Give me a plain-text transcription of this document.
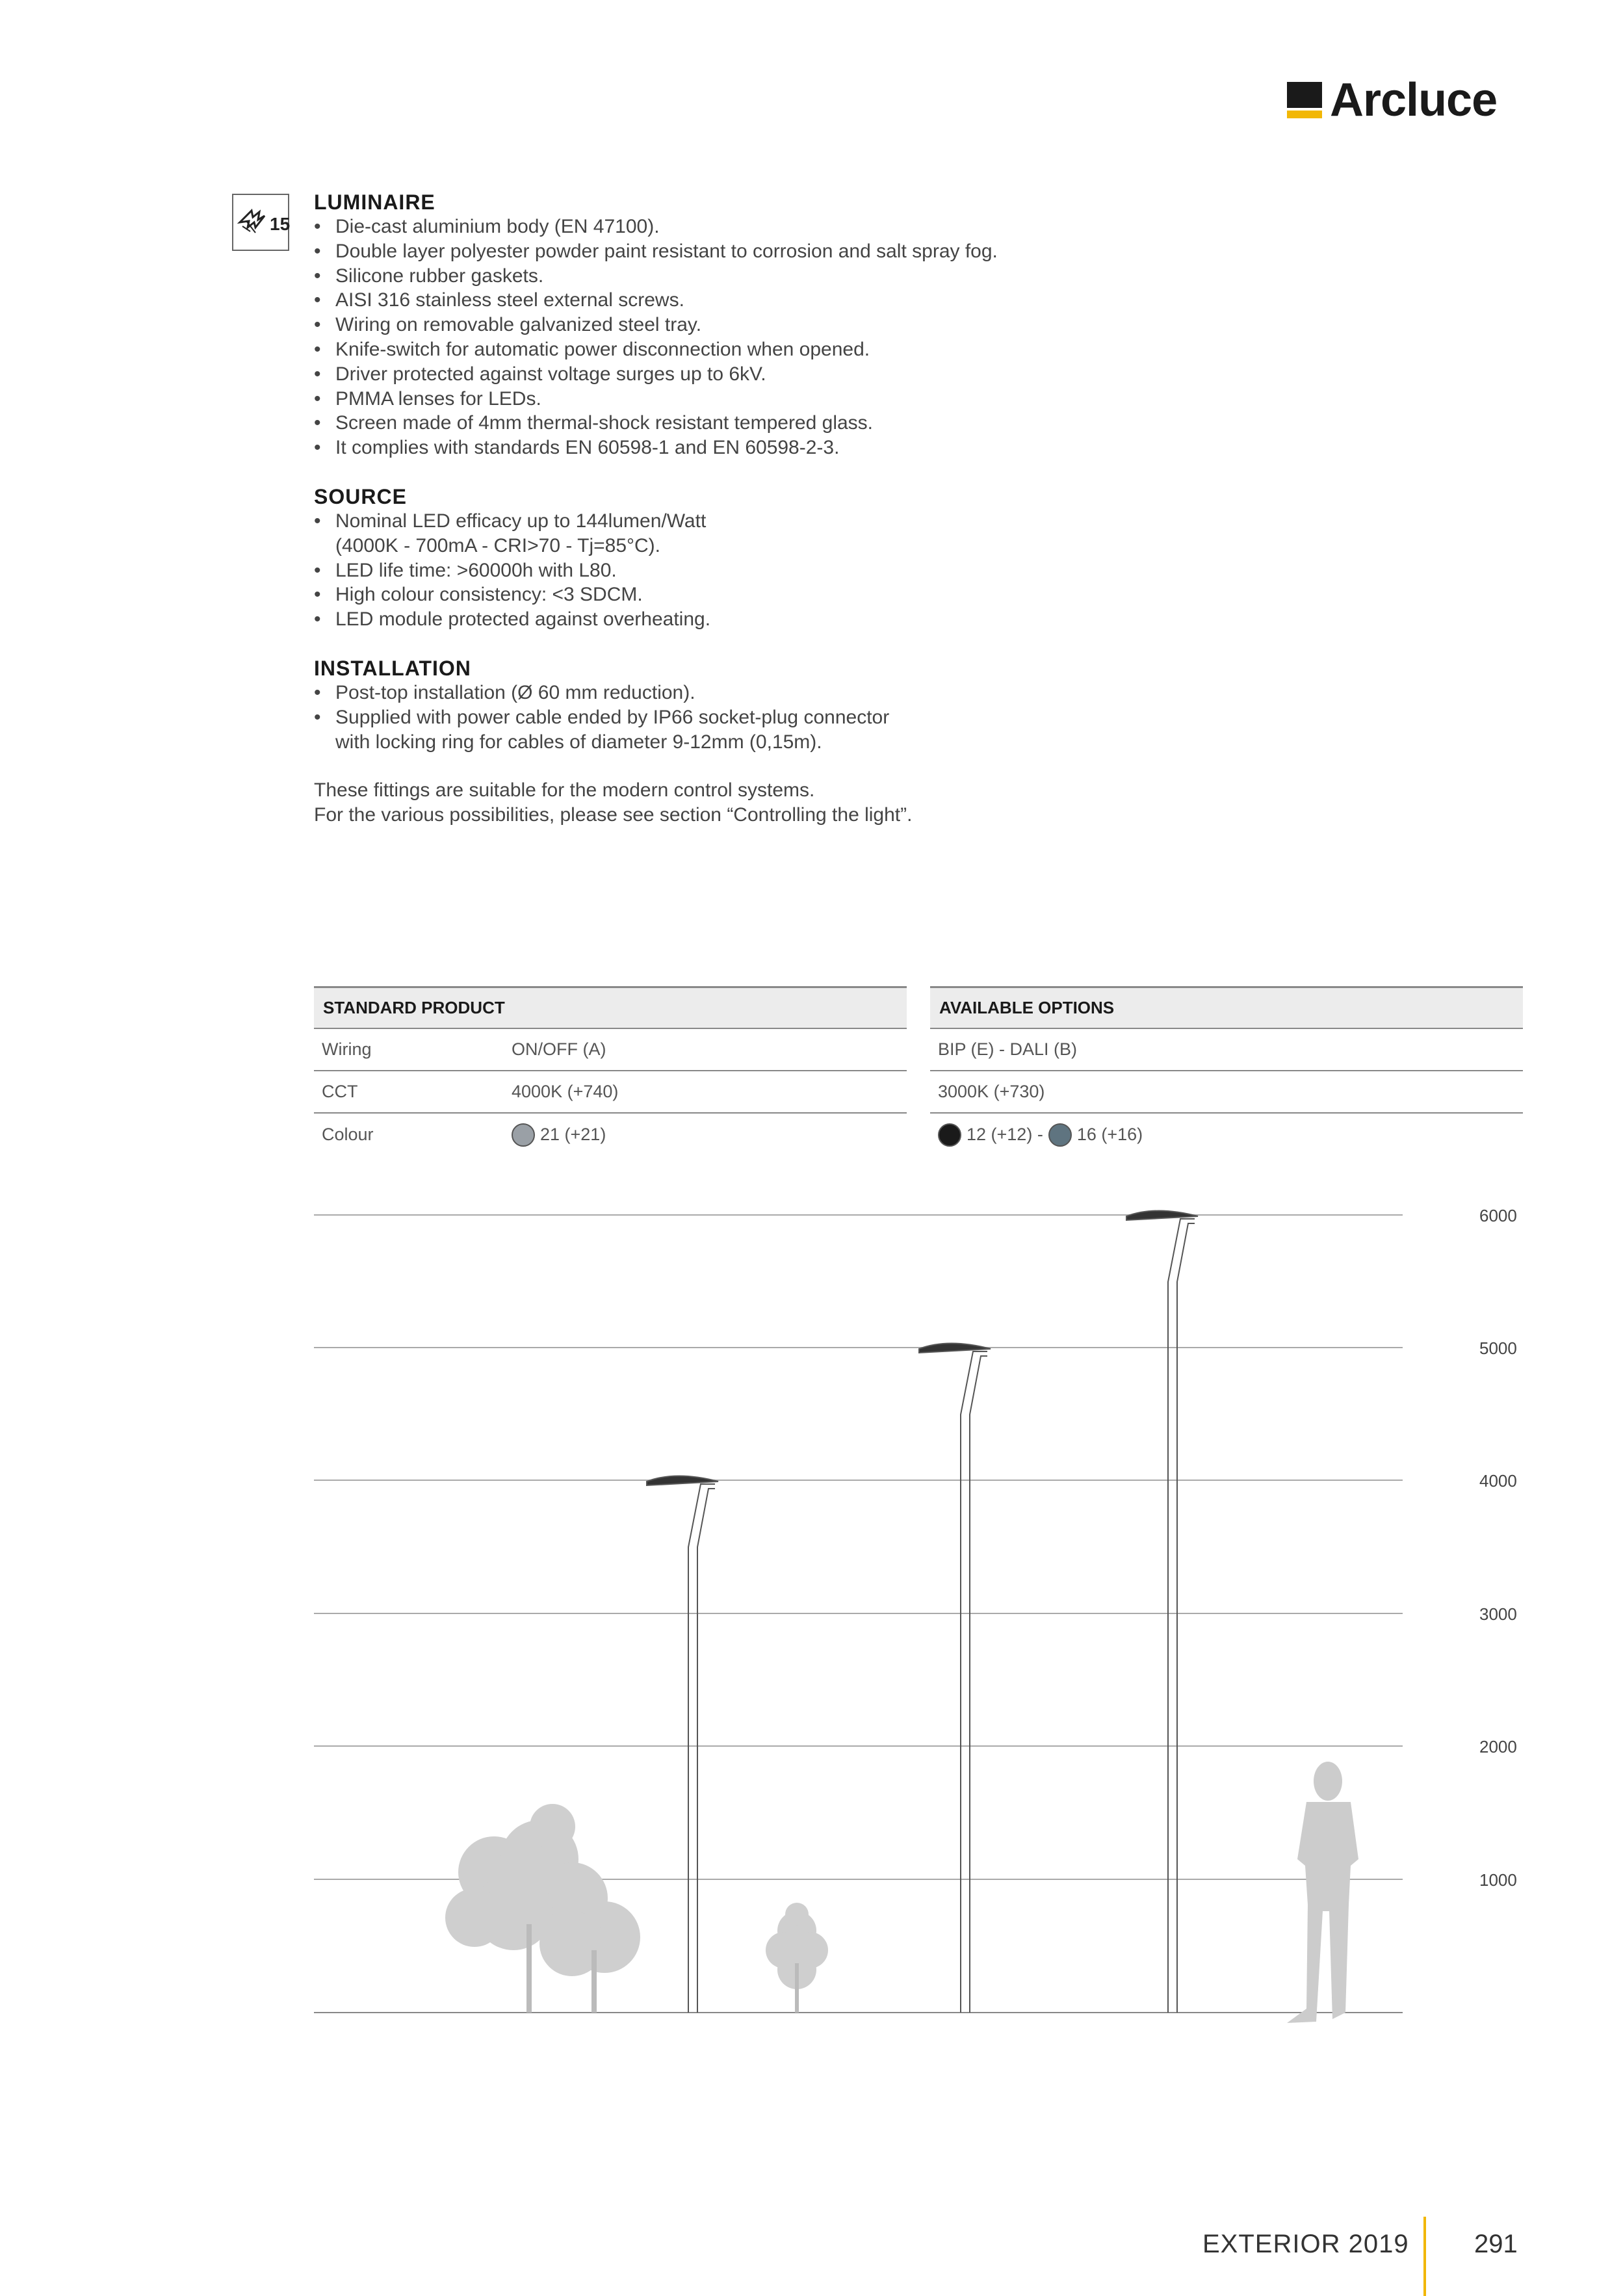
Arcluce
15
LUMINAIRE
• Die-cast aluminium body (EN 47100).
• Double layer polyester powder paint resistant to corrosion and salt spray fog.
• Silicone rubber gaskets.
• AISI 316 stainless steel external screws.
• Wiring on removable galvanized steel tray.
• Knife-switch for automatic power disconnection when opened.
• Driver protected against voltage surges up to 6kV.
• PMMA lenses for LEDs.
• Screen made of 4mm thermal-shock resistant tempered glass.
• It complies with standards EN 60598-1 and EN 60598-2-3.
SOURCE
• Nominal LED efficacy up to 144lumen/Watt
(4000K - 700mA - CRI>70 - Tj=85°C).
• LED life time: >60000h with L80.
• High colour consistency: <3 SDCM.
• LED module protected against overheating.
INSTALLATION
• Post-top installation (Ø 60 mm reduction).
• Supplied with power cable ended by IP66 socket-plug connector
with locking ring for cables of diameter 9-12mm (0,15m).
These fittings are suitable for the modern control systems.
For the various possibilities, please see section “Controlling the light”.
STANDARD PRODUCT
Wiring	ON/OFF (A)
CCT	4000K (+740)
Colour	21 (+21)
AVAILABLE OPTIONS
BIP (E) - DALI (B)
3000K (+730)
12 (+12) - 16 (+16)
6000
5000
4000
3000
2000
1000
EXTERIOR 2019	291
